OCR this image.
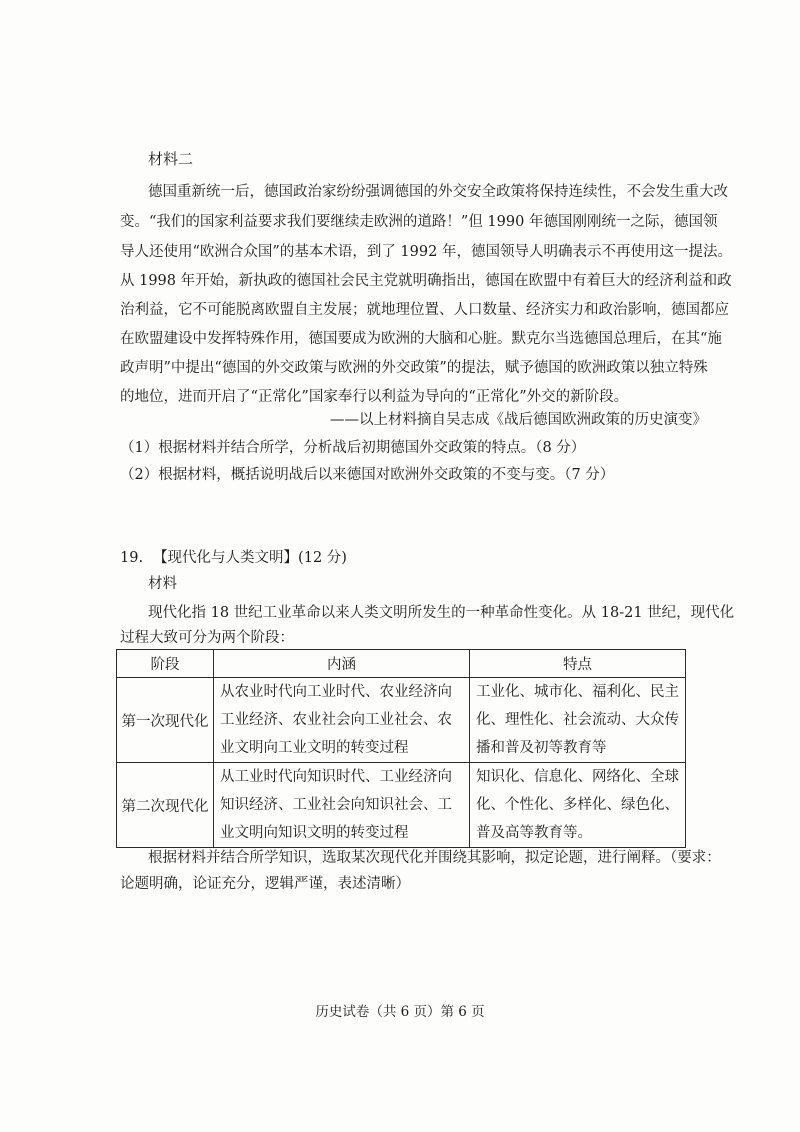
材料二
德国重新统一后，德国政治家纷纷强调德国的外交安全政策将保持连续性，不会发生重大改
变。“我们的国家利益要求我们要继续走欧洲的道路！”但 1990 年德国刚刚统一之际，德国领
导人还使用“欧洲合众国”的基本术语，到了 1992 年，德国领导人明确表示不再使用这一提法。
从 1998 年开始，新执政的德国社会民主党就明确指出，德国在欧盟中有着巨大的经济利益和政
治利益，它不可能脱离欧盟自主发展；就地理位置、人口数量、经济实力和政治影响，德国都应
在欧盟建设中发挥特殊作用，德国要成为欧洲的大脑和心脏。默克尔当选德国总理后，在其“施
政声明”中提出“德国的外交政策与欧洲的外交政策”的提法，赋予德国的欧洲政策以独立特殊
的地位，进而开启了“正常化”国家奉行以利益为导向的“正常化”外交的新阶段。
——以上材料摘自吴志成《战后德国欧洲政策的历史演变》
（1）根据材料并结合所学，分析战后初期德国外交政策的特点。（8 分）
（2）根据材料，概括说明战后以来德国对欧洲外交政策的不变与变。（7 分）
19. 【现代化与人类文明】(12 分)
材料
现代化指 18 世纪工业革命以来人类文明所发生的一种革命性变化。从 18-21 世纪，现代化
过程大致可分为两个阶段：
阶段	内涵	特点
第一次现代化	从农业时代向工业时代、农业经济向工业经济、农业社会向工业社会、农业文明向工业文明的转变过程	工业化、城市化、福利化、民主化、理性化、社会流动、大众传播和普及初等教育等
第二次现代化	从工业时代向知识时代、工业经济向知识经济、工业社会向知识社会、工业文明向知识文明的转变过程	知识化、信息化、网络化、全球化、个性化、多样化、绿色化、普及高等教育等。
根据材料并结合所学知识，选取某次现代化并围绕其影响，拟定论题，进行阐释。（要求：
论题明确，论证充分，逻辑严谨，表述清晰）
历史试卷（共 6 页）第 6 页
